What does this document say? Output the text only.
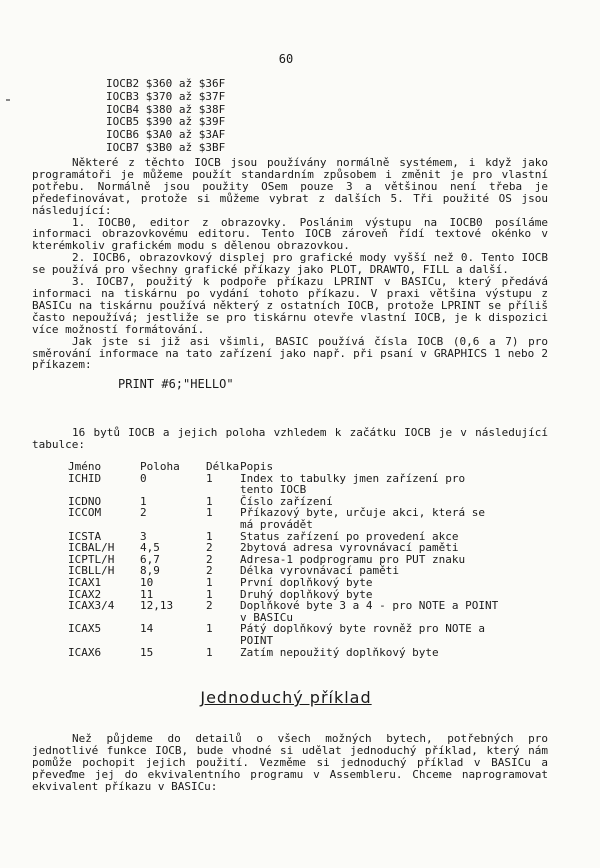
60
IOCB2 $360 až $36F
IOCB3 $370 až $37F
IOCB4 $380 až $38F
IOCB5 $390 až $39F
IOCB6 $3A0 až $3AF
IOCB7 $3B0 až $3BF

Některé z těchto IOCB jsou používány normálně systémem, i když jako programátoři je můžeme použít standardním způsobem i změnit je pro vlastní potřebu. Normálně jsou použity OSem pouze 3 a většinou není třeba je předefinovávat, protože si můžeme vybrat z dalších 5. Tři použité OS jsou následující:

1. IOCB0, editor z obrazovky. Poslánim výstupu na IOCB0 posíláme informaci obrazovkovému editoru. Tento IOCB zároveň řídí textové okénko v kterémkoliv grafickém modu s dělenou obrazovkou.

2. IOCB6, obrazovkový displej pro grafické mody vyšší než 0. Tento IOCB se používá pro všechny grafické příkazy jako PLOT, DRAWTO, FILL a další.

3. IOCB7, použitý k podpoře příkazu LPRINT v BASICu, který předává informaci na tiskárnu po vydání tohoto příkazu. V praxi většina výstupu z BASICu na tiskárnu používá některý z ostatních IOCB, protože LPRINT se příliš často nepoužívá; jestliže se pro tiskárnu otevře vlastní IOCB, je k dispozici více možností formátování.

Jak jste si již asi všimli, BASIC používá čísla IOCB (0,6 a 7) pro směrování informace na tato zařízení jako např. při psaní v GRAPHICS 1 nebo 2 příkazem:

PRINT #6;"HELLO"

16 bytů IOCB a jejich poloha vzhledem k začátku IOCB je v následující tabulce:

Jméno	Poloha	Délka Popis
ICHID	0	1	Index to tabulky jmen zařízení pro tento IOCB
ICDNO	1	1	Číslo zařízení
ICCOM	2	1	Příkazový byte, určuje akci, která se má provádět
ICSTA	3	1	Status zařízení po provedení akce
ICBAL/H	4,5	2	2bytová adresa vyrovnávací paměti
ICPTL/H	6,7	2	Adresa-1 podprogramu pro PUT znaku
ICBLL/H	8,9	2	Délka vyrovnávací paměti
ICAX1	10	1	První doplňkový byte
ICAX2	11	1	Druhý doplňkový byte
ICAX3/4	12,13	2	Doplňkové byte 3 a 4 - pro NOTE a POINT v BASICu
ICAX5	14	1	Pátý doplňkový byte rovněž pro NOTE a POINT
ICAX6	15	1	Zatím nepoužitý doplňkový byte
Jednoduchý příklad

Než půjdeme do detailů o všech možných bytech, potřebných pro jednotlivé funkce IOCB, bude vhodné si udělat jednoduchý příklad, který nám pomůže pochopit jejich použití. Vezměme si jednoduchý příklad v BASICu a převeďme jej do ekvivalentního programu v Assembleru. Chceme naprogramovat ekvivalent příkazu v BASICu:
